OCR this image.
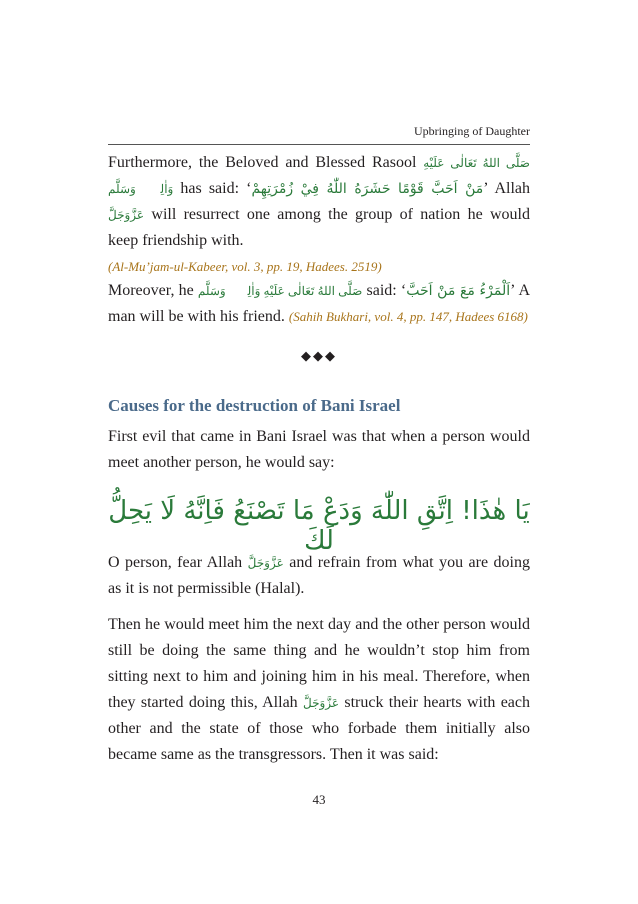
Upbringing of Daughter
Furthermore, the Beloved and Blessed Rasool صَلَّى اللهُ تَعَالٰى عَلَيْهِ وَاٰلِهٖ وَسَلَّم has said: ‘مَنْ اَحَبَّ قَوْمًا حَشَرَهُ اللّٰهُ فِيْ زُمْرَتِهِمْ’ Allah عَزَّوَجَلَّ will resurrect one among the group of nation he would keep friendship with.
(Al-Mu’jam-ul-Kabeer, vol. 3, pp. 19, Hadees. 2519)
Moreover, he صَلَّى اللهُ تَعَالٰى عَلَيْهِ وَاٰلِهٖ وَسَلَّم said: ‘اَلْمَرْءُ مَعَ مَنْ اَحَبَّ’ A man will be with his friend. (Sahih Bukhari, vol. 4, pp. 147, Hadees 6168)
◆◆◆
Causes for the destruction of Bani Israel
First evil that came in Bani Israel was that when a person would meet another person, he would say:
يَا هٰذَا! اِتَّقِ اللّٰهَ وَدَعْ مَا تَصْنَعُ فَاِنَّهُ لَا يَحِلُّ لَكَ
O person, fear Allah عَزَّوَجَلَّ and refrain from what you are doing as it is not permissible (Halal).
Then he would meet him the next day and the other person would still be doing the same thing and he wouldn’t stop him from sitting next to him and joining him in his meal. Therefore, when they started doing this, Allah عَزَّوَجَلَّ struck their hearts with each other and the state of those who forbade them initially also became same as the transgressors. Then it was said:
43
